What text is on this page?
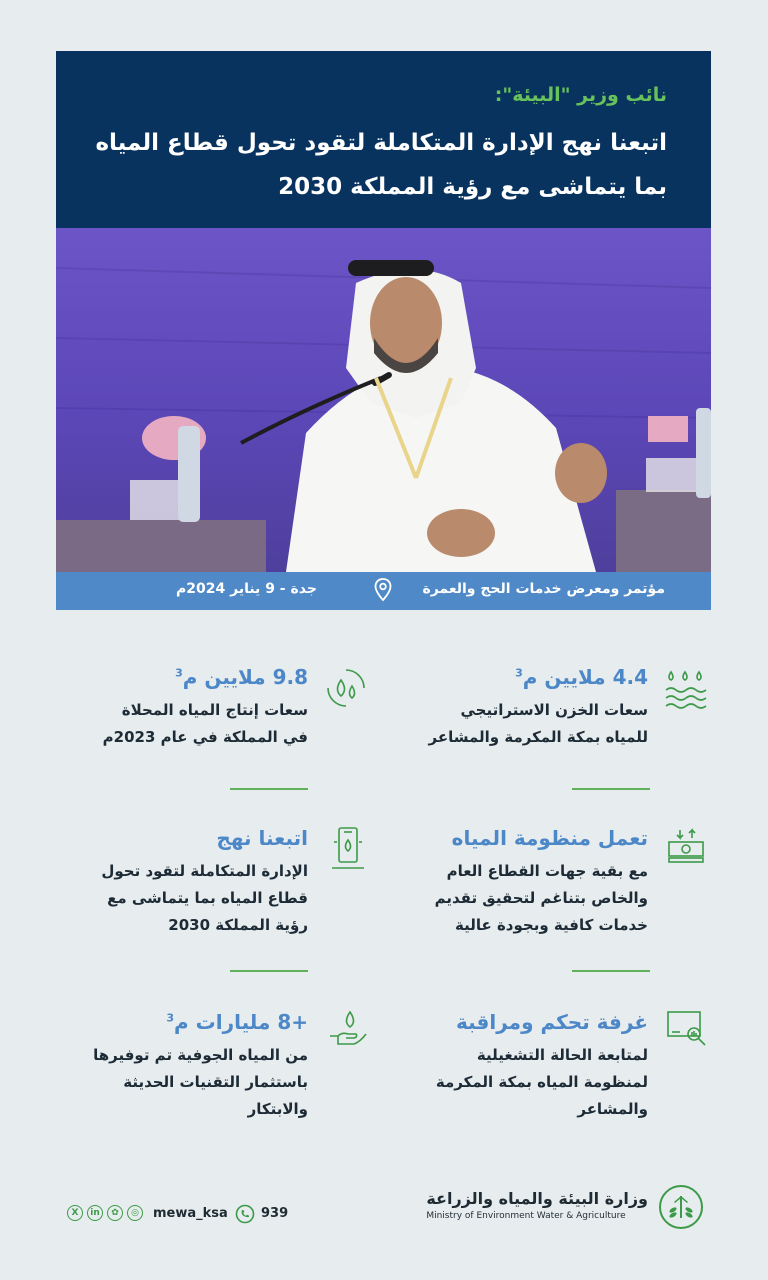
نائب وزير "البيئة":
اتبعنا نهج الإدارة المتكاملة لتقود تحول قطاع المياه بما يتماشى مع رؤية المملكة 2030
مؤتمر ومعرض خدمات الحج والعمرة
جدة - 9 يناير 2024م
4.4 ملايين م$^3$

سعات الخزن الاستراتيجي
للمياه بمكة المكرمة والمشاعر

9.8 ملايين م$^3$

سعات إنتاج المياه المحلاة
في المملكة في عام 2023م

تعمل منظومة المياه

مع بقية جهات القطاع العام
والخاص بتناغم لتحقيق تقديم
خدمات كافية وبجودة عالية

اتبعنا نهج

الإدارة المتكاملة لتقود تحول
قطاع المياه بما يتماشى مع
رؤية المملكة 2030

غرفة تحكم ومراقبة

لمتابعة الحالة التشغيلية
لمنظومة المياه بمكة المكرمة
والمشاعر

+8 مليارات م$^3$

من المياه الجوفية تم توفيرها
باستثمار التقنيات الحديثة
والابتكار

وزارة البيئة والمياه والزراعة
Ministry of Environment Water & Agriculture
X	in	✿	◎	mewa_ksa	939
